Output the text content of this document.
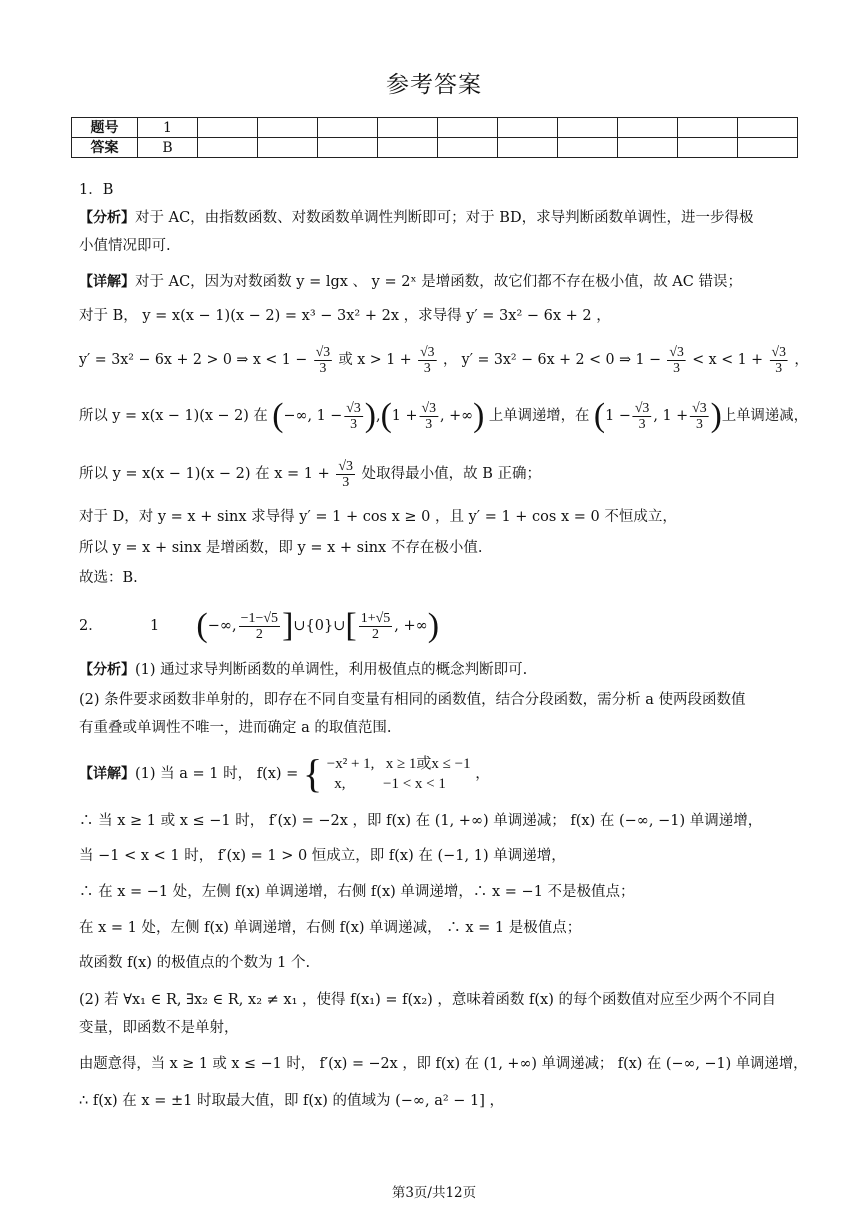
参考答案
题号	1										
答案	B										
1．B
【分析】对于 AC，由指数函数、对数函数单调性判断即可；对于 BD，求导判断函数单调性，进一步得极
小值情况即可.
【详解】对于 AC，因为对数函数 y = lgx 、 y = 2ˣ 是增函数，故它们都不存在极小值，故 AC 错误；
对于 B， y = x(x − 1)(x − 2) = x³ − 3x² + 2x ，求导得 y′ = 3x² − 6x + 2 ，
y′ = 3x² − 6x + 2 > 0 ⇒ $x < 1 - \frac{√3}{3}$ 或 $x > 1 + \frac{√3}{3}$ ， y′ = 3x² − 6x + 2 < 0 ⇒ $1 - \frac{√3}{3} < x < 1 + \frac{√3}{3}$ ，
所以 y = x(x − 1)(x − 2) 在 (−∞, $1 - \frac{√3}{3} ),(1 + \frac{√3}{3}$ , +∞) 上单调递增，在 ($1 - \frac{√3}{3}$ , $1 + \frac{√3}{3}$ )上单调递减，
所以 y = x(x − 1)(x − 2) 在 $x = 1 + \frac{√3}{3}$ 处取得最小值，故 B 正确；
对于 D，对 y = x + sinx 求导得 y′ = 1 + cos x ≥ 0 ，且 y′ = 1 + cos x = 0 不恒成立，
所以 y = x + sinx 是增函数，即 y = x + sinx 不存在极小值.
故选：B.
2．	1 (−∞, $\frac{-1-√5}{2}$ ]∪{0}∪[ $\frac{1+√5}{2}$ , +∞)
【分析】(1) 通过求导判断函数的单调性，利用极值点的概念判断即可.
(2) 条件要求函数非单射的，即存在不同自变量有相同的函数值，结合分段函数，需分析 a 使两段函数值
有重叠或单调性不唯一，进而确定 a 的取值范围.
【详解】(1) 当 a = 1 时， f(x) = { −x² + 1, x ≥ 1或x ≤ −1
x,	−1 < x < 1
，
∴ 当 x ≥ 1 或 x ≤ −1 时， f′(x) = −2x ，即 f(x) 在 (1, +∞) 单调递减； f(x) 在 (−∞, −1) 单调递增，
当 −1 < x < 1 时， f′(x) = 1 > 0 恒成立，即 f(x) 在 (−1, 1) 单调递增，
∴ 在 x = −1 处，左侧 f(x) 单调递增，右侧 f(x) 单调递增，∴ x = −1 不是极值点；
在 x = 1 处，左侧 f(x) 单调递增，右侧 f(x) 单调递减， ∴ x = 1 是极值点；
故函数 f(x) 的极值点的个数为 1 个.
(2) 若 ∀x₁ ∈ R, ∃x₂ ∈ R, x₂ ≠ x₁ ，使得 f(x₁) = f(x₂) ，意味着函数 f(x) 的每个函数值对应至少两个不同自
变量，即函数不是单射，
由题意得，当 x ≥ 1 或 x ≤ −1 时， f′(x) = −2x ，即 f(x) 在 (1, +∞) 单调递减； f(x) 在 (−∞, −1) 单调递增，
∴ f(x) 在 x = ±1 时取最大值，即 f(x) 的值域为 (−∞, a² − 1] ，
第3页/共12页
